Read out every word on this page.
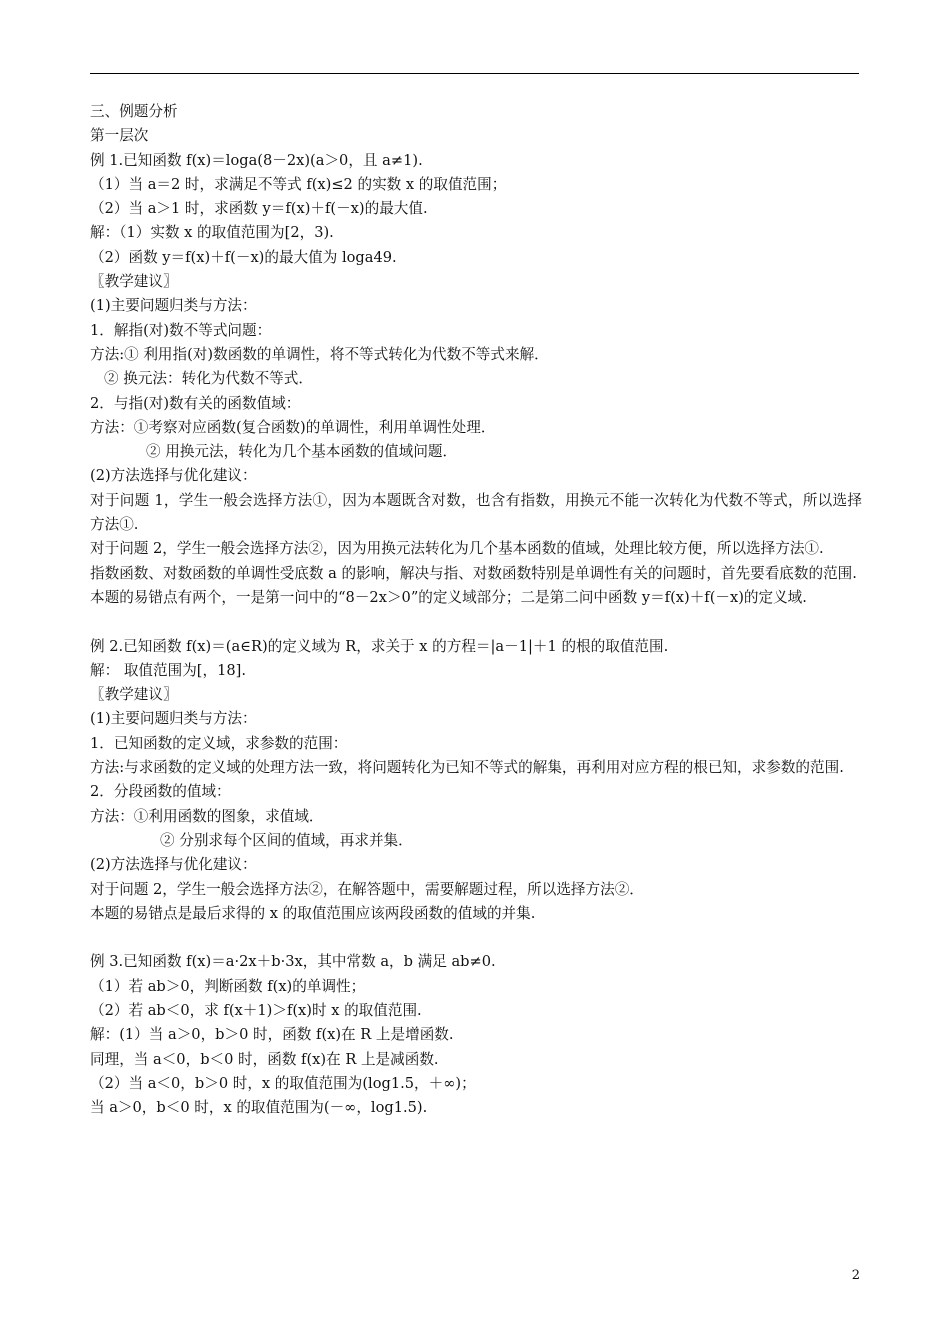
三、例题分析
第一层次
例 1.已知函数 f(x)＝loga(8－2x)(a＞0，且 a≠1).
（1）当 a＝2 时，求满足不等式 f(x)≤2 的实数 x 的取值范围；
（2）当 a＞1 时，求函数 y＝f(x)＋f(－x)的最大值.
解：（1）实数 x 的取值范围为[2，3).
（2）函数 y＝f(x)＋f(－x)的最大值为 loga49.
〖教学建议〗
(1)主要问题归类与方法：
1．解指(对)数不等式问题：
方法:① 利用指(对)数函数的单调性，将不等式转化为代数不等式来解．
② 换元法：转化为代数不等式．
2．与指(对)数有关的函数值域：
方法：①考察对应函数(复合函数)的单调性，利用单调性处理．
② 用换元法，转化为几个基本函数的值域问题．
(2)方法选择与优化建议：
对于问题 1，学生一般会选择方法①，因为本题既含对数，也含有指数，用换元不能一次转化为代数不等式，所以选择方法①.
对于问题 2，学生一般会选择方法②，因为用换元法转化为几个基本函数的值域，处理比较方便，所以选择方法①.
指数函数、对数函数的单调性受底数 a 的影响，解决与指、对数函数特别是单调性有关的问题时，首先要看底数的范围.
本题的易错点有两个，一是第一问中的“8－2x＞0”的定义域部分；二是第二问中函数 y＝f(x)＋f(－x)的定义域.
例 2.已知函数 f(x)＝(a∈R)的定义域为 R，求关于 x 的方程＝|a－1|＋1 的根的取值范围.
解： 取值范围为[，18].
〖教学建议〗
(1)主要问题归类与方法：
1．已知函数的定义域，求参数的范围：
方法:与求函数的定义域的处理方法一致，将问题转化为已知不等式的解集，再利用对应方程的根已知，求参数的范围.
2．分段函数的值域：
方法：①利用函数的图象，求值域．
② 分别求每个区间的值域，再求并集．
(2)方法选择与优化建议：
对于问题 2，学生一般会选择方法②，在解答题中，需要解题过程，所以选择方法②．
本题的易错点是最后求得的 x 的取值范围应该两段函数的值域的并集.
例 3.已知函数 f(x)＝a·2x＋b·3x，其中常数 a，b 满足 ab≠0.
（1）若 ab＞0，判断函数 f(x)的单调性；
（2）若 ab＜0，求 f(x＋1)＞f(x)时 x 的取值范围.
解：(1）当 a＞0，b＞0 时，函数 f(x)在 R 上是增函数.
同理，当 a＜0，b＜0 时，函数 f(x)在 R 上是减函数.
（2）当 a＜0，b＞0 时，x 的取值范围为(log1.5，＋∞)；
当 a＞0，b＜0 时，x 的取值范围为(－∞，log1.5).
2
